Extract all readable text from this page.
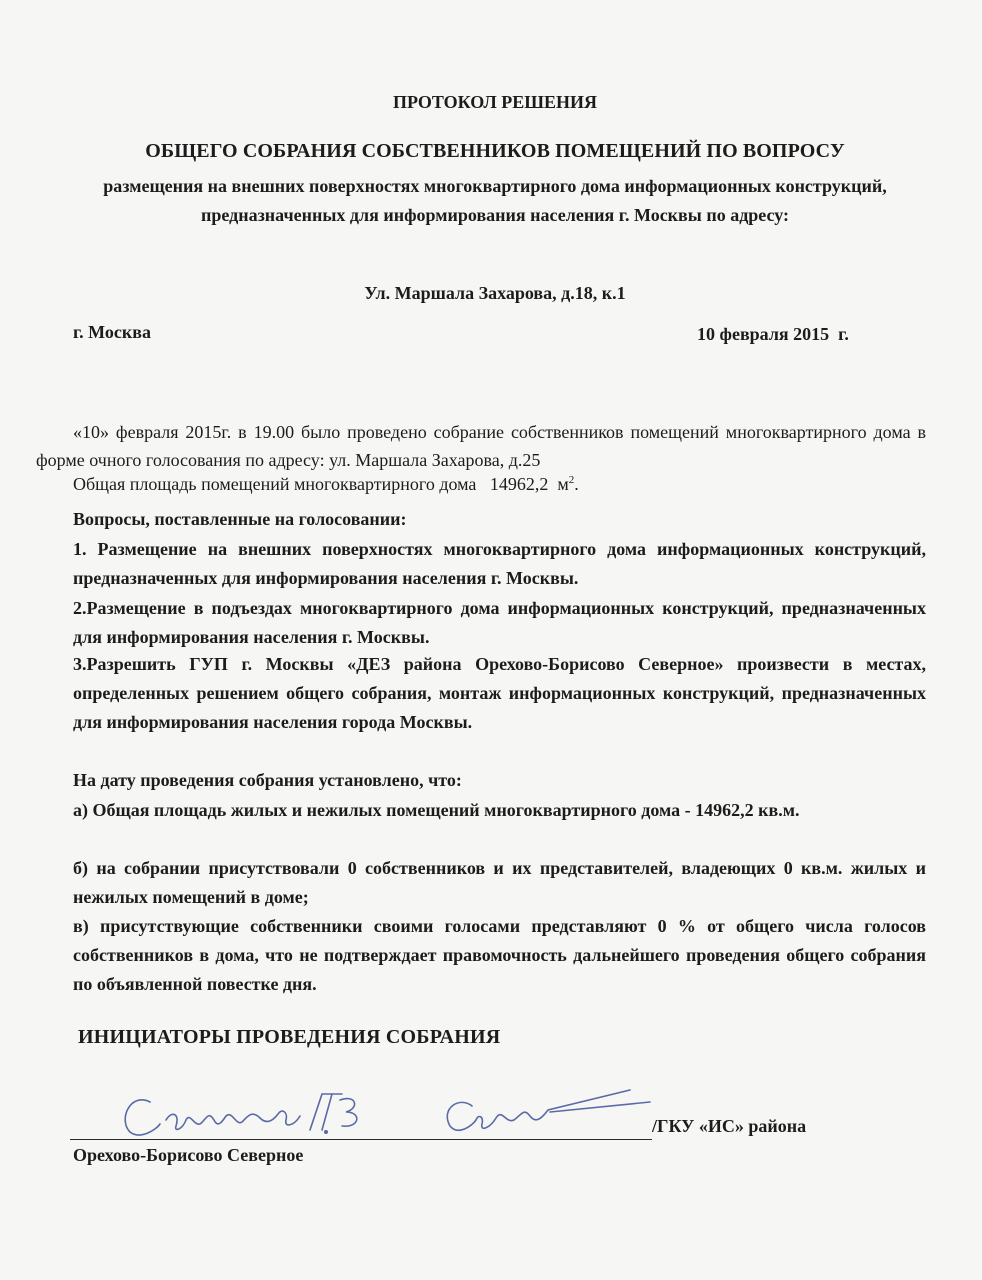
ПРОТОКОЛ РЕШЕНИЯ

ОБЩЕГО СОБРАНИЯ СОБСТВЕННИКОВ ПОМЕЩЕНИЙ ПО ВОПРОСУ

размещения на внешних поверхностях многоквартирного дома информационных конструкций, предназначенных для информирования населения г. Москвы по адресу:

Ул. Маршала Захарова, д.18, к.1

г. Москва	10 февраля 2015  г.

«10» февраля 2015г. в 19.00 было проведено собрание собственников помещений многоквартирного дома в форме очного голосования по адресу: ул. Маршала Захарова, д.25

Общая площадь помещений многоквартирного дома   14962,2  $м^2$.

Вопросы, поставленные на голосовании:

1. Размещение на внешних поверхностях многоквартирного дома информационных конструкций, предназначенных для информирования населения г. Москвы.

2.Размещение в подъездах многоквартирного дома информационных конструкций, предназначенных для информирования населения г. Москвы.

3.Разрешить ГУП г. Москвы «ДЕЗ района Орехово-Борисово Северное» произвести в местах, определенных решением общего собрания, монтаж информационных конструкций, предназначенных для информирования населения города Москвы.

На дату проведения собрания установлено, что:

а) Общая площадь жилых и нежилых помещений многоквартирного дома - 14962,2 кв.м.

б) на собрании присутствовали 0 собственников и их представителей, владеющих 0 кв.м. жилых и нежилых помещений в доме;

в) присутствующие собственники своими голосами представляют 0 % от общего числа голосов собственников в дома, что не подтверждает правомочность дальнейшего проведения общего собрания по объявленной повестке дня.

ИНИЦИАТОРЫ ПРОВЕДЕНИЯ СОБРАНИЯ

/ГКУ «ИС» района

Орехово-Борисово Северное
